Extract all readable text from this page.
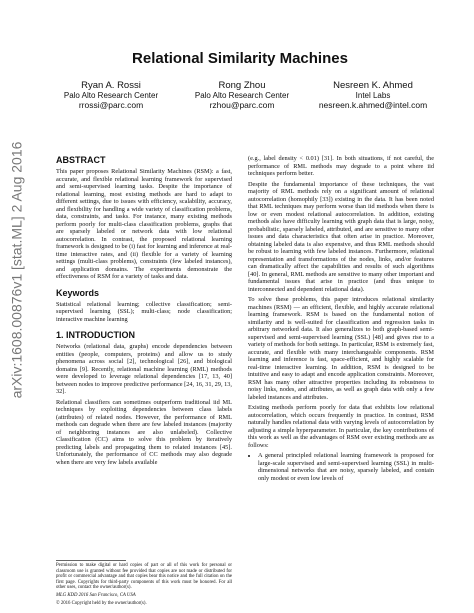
arXiv:1608.00876v1 [stat.ML] 2 Aug 2016
Relational Similarity Machines
Ryan A. Rossi
Palo Alto Research Center
rrossi@parc.com
Rong Zhou
Palo Alto Research Center
rzhou@parc.com
Nesreen K. Ahmed
Intel Labs
nesreen.k.ahmed@intel.com
ABSTRACT

This paper proposes Relational Similarity Machines (RSM): a fast, accurate, and flexible relational learning framework for supervised and semi-supervised learning tasks. Despite the importance of relational learning, most existing methods are hard to adapt to different settings, due to issues with efficiency, scalability, accuracy, and flexibility for handling a wide variety of classification problems, data, constraints, and tasks. For instance, many existing methods perform poorly for multi-class classification problems, graphs that are sparsely labeled or network data with low relational autocorrelation. In contrast, the proposed relational learning framework is designed to be (i) fast for learning and inference at real-time interactive rates, and (ii) flexible for a variety of learning settings (multi-class problems), constraints (few labeled instances), and application domains. The experiments demonstrate the effectiveness of RSM for a variety of tasks and data.

Keywords

Statistical relational learning; collective classification; semi-supervised learning (SSL); multi-class; node classification; interactive machine learning

1. INTRODUCTION

Networks (relational data, graphs) encode dependencies between entities (people, computers, proteins) and allow us to study phenomena across social [2], technological [26], and biological domains [9]. Recently, relational machine learning (RML) methods were developed to leverage relational dependencies [17, 13, 40] between nodes to improve predictive performance [24, 16, 31, 29, 13, 32].

Relational classifiers can sometimes outperform traditional iid ML techniques by exploiting dependencies between class labels (attributes) of related nodes. However, the performance of RML methods can degrade when there are few labeled instances (majority of neighboring instances are also unlabeled). Collective Classification (CC) aims to solve this problem by iteratively predicting labels and propagating them to related instances [45]. Unfortunately, the performance of CC methods may also degrade when there are very few labels available

Permission to make digital or hard copies of part or all of this work for personal or classroom use is granted without fee provided that copies are not made or distributed for profit or commercial advantage and that copies bear this notice and the full citation on the first page. Copyrights for third-party components of this work must be honored. For all other uses, contact the owner/author(s).

MLG KDD 2016 San Francisco, CA USA

© 2016 Copyright held by the owner/author(s).

(e.g., label density < 0.01) [31]. In both situations, if not careful, the performance of RML methods may degrade to a point where iid techniques perform better.

Despite the fundamental importance of these techniques, the vast majority of RML methods rely on a significant amount of relational autocorrelation (homophily [33]) existing in the data. It has been noted that RML techniques may perform worse than iid methods when there is low or even modest relational autocorrelation. In addition, existing methods also have difficulty learning with graph data that is large, noisy, probabilistic, sparsely labeled, attributed, and are sensitive to many other issues and data characteristics that often arise in practice. Moreover, obtaining labeled data is also expensive, and thus RML methods should be robust to learning with few labeled instances. Furthermore, relational representation and transformations of the nodes, links, and/or features can dramatically affect the capabilities and results of such algorithms [40]. In general, RML methods are sensitive to many other important and fundamental issues that arise in practice (and thus unique to interconnected and dependent relational data).

To solve these problems, this paper introduces relational similarity machines (RSM) — an efficient, flexible, and highly accurate relational learning framework. RSM is based on the fundamental notion of similarity and is well-suited for classification and regression tasks in arbitrary networked data. It also generalizes to both graph-based semi-supervised and semi-supervised learning (SSL) [48] and gives rise to a variety of methods for both settings. In particular, RSM is extremely fast, accurate, and flexible with many interchangeable components. RSM learning and inference is fast, space-efficient, and highly scalable for real-time interactive learning. In addition, RSM is designed to be intuitive and easy to adapt and encode application constraints. Moreover, RSM has many other attractive properties including its robustness to noisy links, nodes, and attributes, as well as graph data with only a few labeled instances and attributes.

Existing methods perform poorly for data that exhibits low relational autocorrelation, which occurs frequently in practice. In contrast, RSM naturally handles relational data with varying levels of autocorrelation by adjusting a simple hyperparameter. In particular, the key contributions of this work as well as the advantages of RSM over existing methods are as follows:

• A general principled relational learning framework is proposed for large-scale supervised and semi-supervised learning (SSL) in multi-dimensional networks that are noisy, sparsely labeled, and contain only modest or even low levels of
